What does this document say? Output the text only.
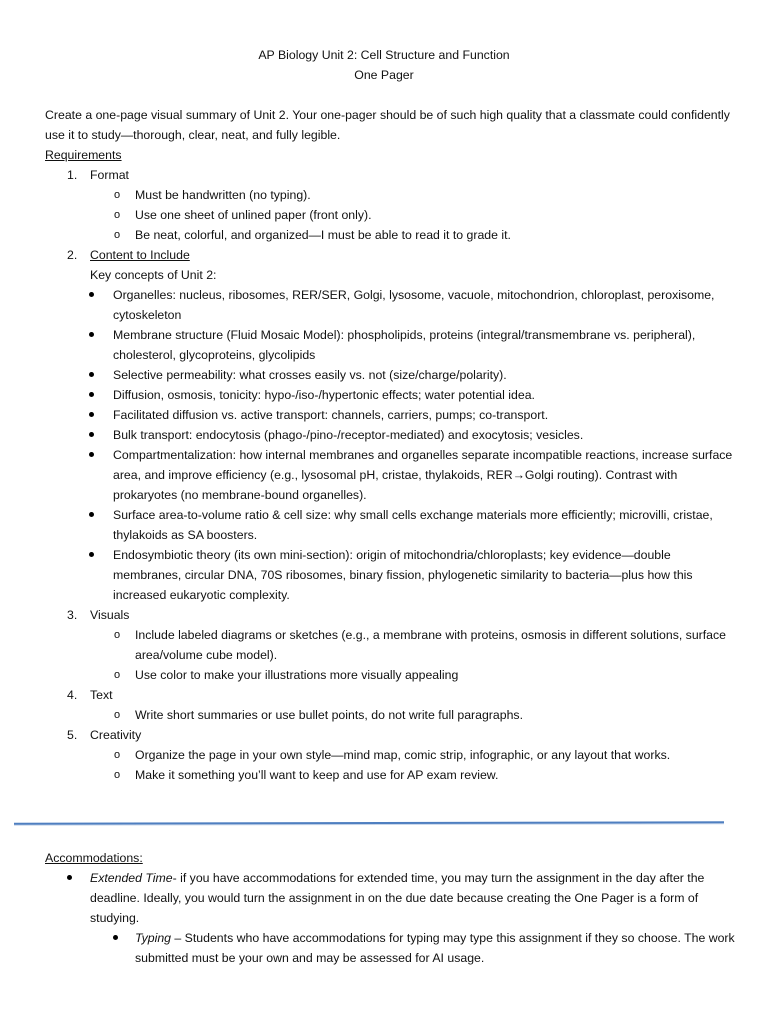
AP Biology Unit 2: Cell Structure and Function
One Pager
Create a one-page visual summary of Unit 2. Your one-pager should be of such high quality that a classmate could confidently use it to study—thorough, clear, neat, and fully legible.
Requirements
1. Format
o Must be handwritten (no typing).
o Use one sheet of unlined paper (front only).
o Be neat, colorful, and organized—I must be able to read it to grade it.
2. Content to Include
Key concepts of Unit 2:
Organelles: nucleus, ribosomes, RER/SER, Golgi, lysosome, vacuole, mitochondrion, chloroplast, peroxisome, cytoskeleton
Membrane structure (Fluid Mosaic Model): phospholipids, proteins (integral/transmembrane vs. peripheral), cholesterol, glycoproteins, glycolipids
Selective permeability: what crosses easily vs. not (size/charge/polarity).
Diffusion, osmosis, tonicity: hypo-/iso-/hypertonic effects; water potential idea.
Facilitated diffusion vs. active transport: channels, carriers, pumps; co-transport.
Bulk transport: endocytosis (phago-/pino-/receptor-mediated) and exocytosis; vesicles.
Compartmentalization: how internal membranes and organelles separate incompatible reactions, increase surface area, and improve efficiency (e.g., lysosomal pH, cristae, thylakoids, RER→Golgi routing). Contrast with prokaryotes (no membrane-bound organelles).
Surface area-to-volume ratio & cell size: why small cells exchange materials more efficiently; microvilli, cristae, thylakoids as SA boosters.
Endosymbiotic theory (its own mini-section): origin of mitochondria/chloroplasts; key evidence—double membranes, circular DNA, 70S ribosomes, binary fission, phylogenetic similarity to bacteria—plus how this increased eukaryotic complexity.
3. Visuals
o Include labeled diagrams or sketches (e.g., a membrane with proteins, osmosis in different solutions, surface area/volume cube model).
o Use color to make your illustrations more visually appealing
4. Text
o Write short summaries or use bullet points, do not write full paragraphs.
5. Creativity
o Organize the page in your own style—mind map, comic strip, infographic, or any layout that works.
o Make it something you’ll want to keep and use for AP exam review.
Accommodations:
Extended Time- if you have accommodations for extended time, you may turn the assignment in the day after the deadline. Ideally, you would turn the assignment in on the due date because creating the One Pager is a form of studying.
Typing – Students who have accommodations for typing may type this assignment if they so choose. The work submitted must be your own and may be assessed for AI usage.
